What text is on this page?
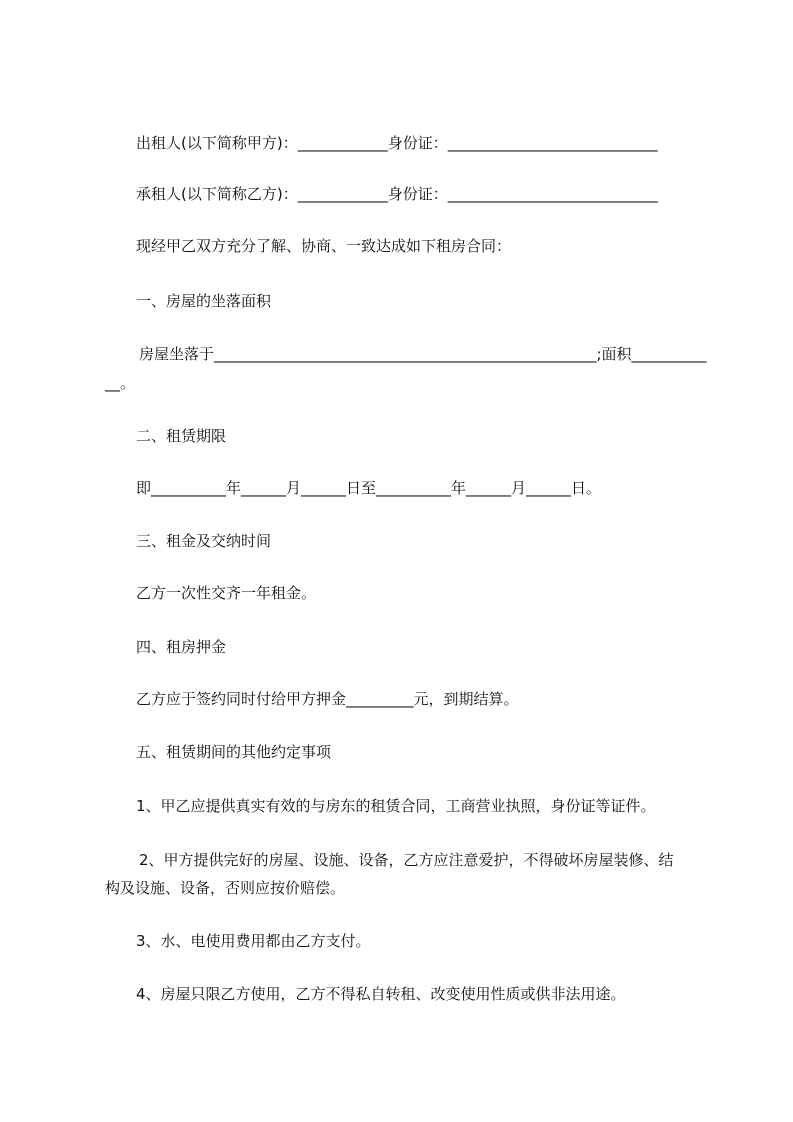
出租人(以下简称甲方)：____________身份证：____________________________

承租人(以下简称乙方)：____________身份证：____________________________

现经甲乙双方充分了解、协商、一致达成如下租房合同：

一、房屋的坐落面积

房屋坐落于___________________________________________________;面积__________

__。

二、租赁期限

即__________年______月______日至__________年______月______日。

三、租金及交纳时间

乙方一次性交齐一年租金。

四、租房押金

乙方应于签约同时付给甲方押金_________元，到期结算。

五、租赁期间的其他约定事项

1、甲乙应提供真实有效的与房东的租赁合同，工商营业执照，身份证等证件。

2、甲方提供完好的房屋、设施、设备，乙方应注意爱护，不得破坏房屋装修、结

构及设施、设备，否则应按价赔偿。

3、水、电使用费用都由乙方支付。

4、房屋只限乙方使用，乙方不得私自转租、改变使用性质或供非法用途。
